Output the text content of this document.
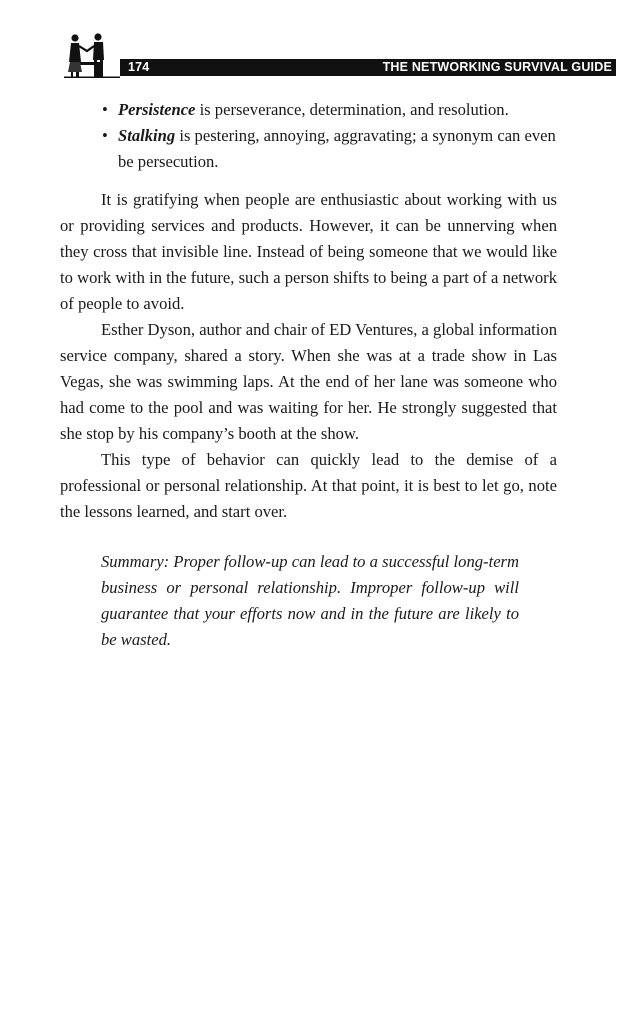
174	THE NETWORKING SURVIVAL GUIDE
• Persistence is perseverance, determination, and resolution.
• Stalking is pestering, annoying, aggravating; a synonym can even be persecution.

It is gratifying when people are enthusiastic about working with us or providing services and products. However, it can be unnerving when they cross that invisible line. Instead of being someone that we would like to work with in the future, such a person shifts to being a part of a network of people to avoid.

Esther Dyson, author and chair of ED Ventures, a global information service company, shared a story. When she was at a trade show in Las Vegas, she was swimming laps. At the end of her lane was someone who had come to the pool and was waiting for her. He strongly suggested that she stop by his company’s booth at the show.

This type of behavior can quickly lead to the demise of a professional or personal relationship. At that point, it is best to let go, note the lessons learned, and start over.

Summary: Proper follow-up can lead to a successful long-term business or personal relationship. Improper follow-up will guarantee that your efforts now and in the future are likely to be wasted.
